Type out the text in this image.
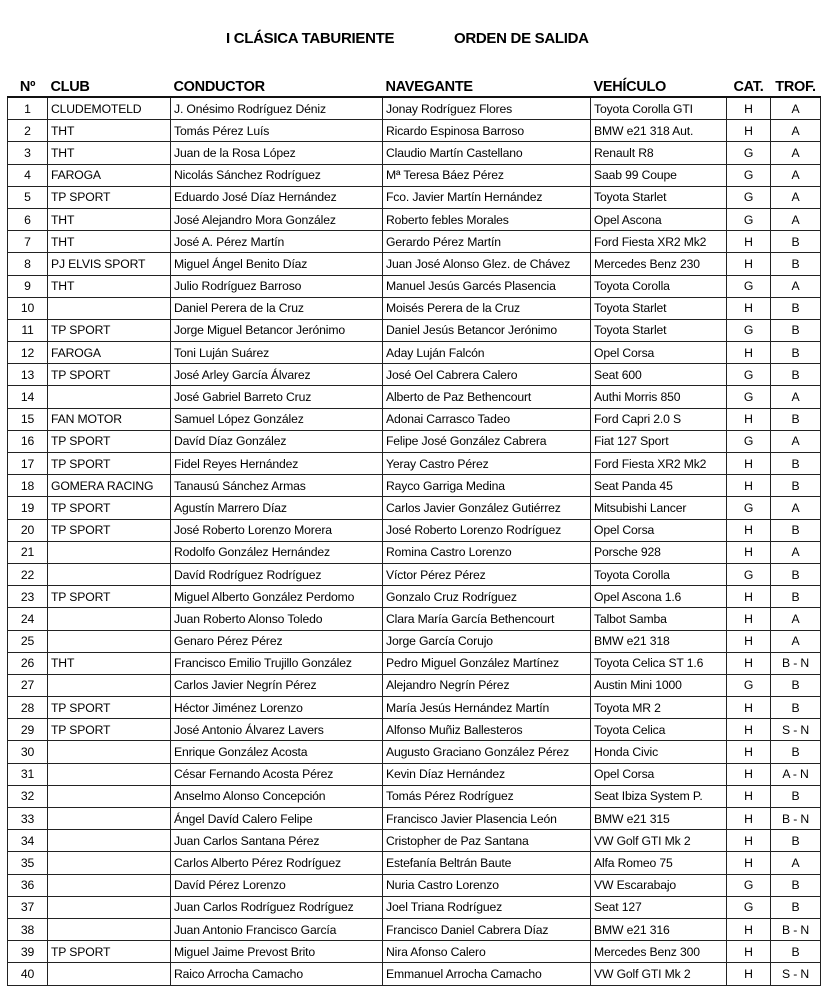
I CLÁSICA TABURIENTE	ORDEN DE SALIDA
Nº	CLUB	CONDUCTOR	NAVEGANTE	VEHÍCULO	CAT.	TROF.
1	CLUDEMOTELD	J. Onésimo Rodríguez Déniz	Jonay Rodríguez Flores	Toyota Corolla GTI	H	A
2	THT	Tomás Pérez Luís	Ricardo Espinosa Barroso	BMW e21 318 Aut.	H	A
3	THT	Juan de la Rosa López	Claudio Martín Castellano	Renault R8	G	A
4	FAROGA	Nicolás Sánchez Rodríguez	Mª Teresa Báez Pérez	Saab 99 Coupe	G	A
5	TP SPORT	Eduardo José Díaz Hernández	Fco. Javier Martín Hernández	Toyota Starlet	G	A
6	THT	José Alejandro Mora González	Roberto febles Morales	Opel Ascona	G	A
7	THT	José A. Pérez Martín	Gerardo Pérez Martín	Ford Fiesta XR2 Mk2	H	B
8	PJ ELVIS SPORT	Miguel Ángel Benito Díaz	Juan José Alonso Glez. de Chávez	Mercedes Benz 230	H	B
9	THT	Julio Rodríguez Barroso	Manuel Jesús Garcés Plasencia	Toyota Corolla	G	A
10		Daniel Perera de la Cruz	Moisés Perera de la Cruz	Toyota Starlet	H	B
11	TP SPORT	Jorge Miguel Betancor Jerónimo	Daniel Jesús Betancor Jerónimo	Toyota Starlet	G	B
12	FAROGA	Toni Luján Suárez	Aday Luján Falcón	Opel Corsa	H	B
13	TP SPORT	José Arley García Álvarez	José Oel Cabrera Calero	Seat 600	G	B
14		José Gabriel Barreto Cruz	Alberto de Paz Bethencourt	Authi Morris 850	G	A
15	FAN MOTOR	Samuel López González	Adonai Carrasco Tadeo	Ford Capri 2.0 S	H	B
16	TP SPORT	Davíd Díaz González	Felipe José González Cabrera	Fiat 127 Sport	G	A
17	TP SPORT	Fidel Reyes Hernández	Yeray Castro Pérez	Ford Fiesta XR2 Mk2	H	B
18	GOMERA RACING	Tanausú Sánchez Armas	Rayco Garriga Medina	Seat Panda 45	H	B
19	TP SPORT	Agustín Marrero Díaz	Carlos Javier González Gutiérrez	Mitsubishi Lancer	G	A
20	TP SPORT	José Roberto Lorenzo Morera	José Roberto Lorenzo Rodríguez	Opel Corsa	H	B
21		Rodolfo González Hernández	Romina Castro Lorenzo	Porsche 928	H	A
22		Davíd Rodríguez Rodríguez	Víctor Pérez Pérez	Toyota Corolla	G	B
23	TP SPORT	Miguel Alberto González Perdomo	Gonzalo Cruz Rodríguez	Opel Ascona 1.6	H	B
24		Juan Roberto Alonso Toledo	Clara María García Bethencourt	Talbot Samba	H	A
25		Genaro Pérez Pérez	Jorge García Corujo	BMW e21 318	H	A
26	THT	Francisco Emilio Trujillo González	Pedro Miguel González Martínez	Toyota Celica ST 1.6	H	B - N
27		Carlos Javier Negrín Pérez	Alejandro Negrín Pérez	Austin Mini 1000	G	B
28	TP SPORT	Héctor Jiménez Lorenzo	María Jesús Hernández Martín	Toyota MR 2	H	B
29	TP SPORT	José Antonio Álvarez Lavers	Alfonso Muñiz Ballesteros	Toyota Celica	H	S - N
30		Enrique González Acosta	Augusto Graciano González Pérez	Honda Civic	H	B
31		César Fernando Acosta Pérez	Kevin Díaz Hernández	Opel Corsa	H	A - N
32		Anselmo Alonso Concepción	Tomás Pérez Rodríguez	Seat Ibiza System P.	H	B
33		Ángel Davíd Calero Felipe	Francisco Javier Plasencia León	BMW e21 315	H	B - N
34		Juan Carlos Santana Pérez	Cristopher de Paz Santana	VW Golf GTI Mk 2	H	B
35		Carlos Alberto Pérez Rodríguez	Estefanía Beltrán Baute	Alfa Romeo 75	H	A
36		Davíd Pérez Lorenzo	Nuria Castro Lorenzo	VW Escarabajo	G	B
37		Juan Carlos Rodríguez Rodríguez	Joel Triana Rodríguez	Seat 127	G	B
38		Juan Antonio Francisco García	Francisco Daniel Cabrera Díaz	BMW e21 316	H	B - N
39	TP SPORT	Miguel Jaime Prevost Brito	Nira Afonso Calero	Mercedes Benz 300	H	B
40		Raico Arrocha Camacho	Emmanuel Arrocha Camacho	VW Golf GTI Mk 2	H	S - N
